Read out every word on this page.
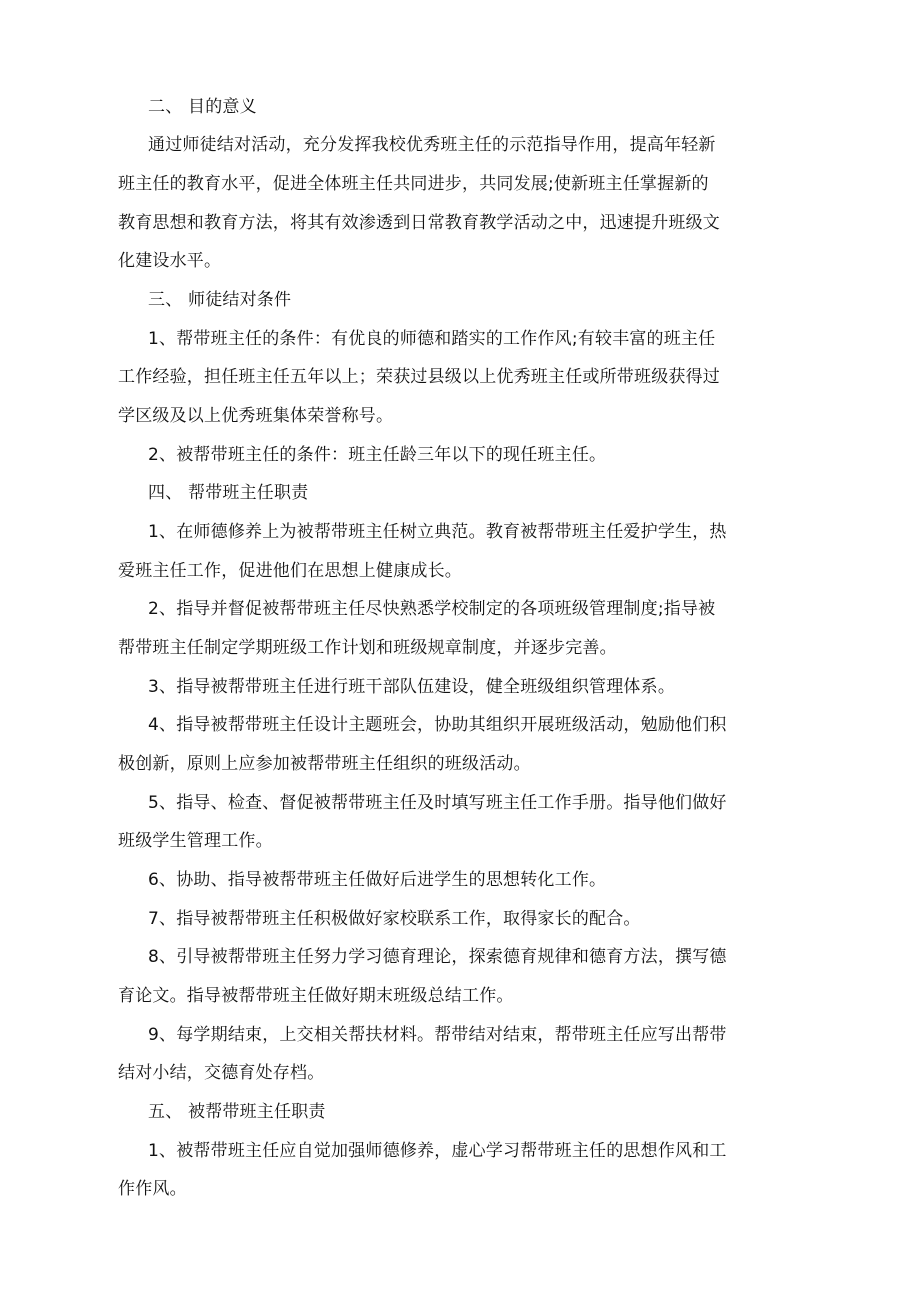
二、 目的意义
通过师徒结对活动，充分发挥我校优秀班主任的示范指导作用，提高年轻新
班主任的教育水平，促进全体班主任共同进步，共同发展;使新班主任掌握新的
教育思想和教育方法，将其有效渗透到日常教育教学活动之中，迅速提升班级文
化建设水平。
三、 师徒结对条件
1、帮带班主任的条件：有优良的师德和踏实的工作作风;有较丰富的班主任
工作经验，担任班主任五年以上；荣获过县级以上优秀班主任或所带班级获得过
学区级及以上优秀班集体荣誉称号。
2、被帮带班主任的条件：班主任龄三年以下的现任班主任。
四、 帮带班主任职责
1、在师德修养上为被帮带班主任树立典范。教育被帮带班主任爱护学生，热
爱班主任工作，促进他们在思想上健康成长。
2、指导并督促被帮带班主任尽快熟悉学校制定的各项班级管理制度;指导被
帮带班主任制定学期班级工作计划和班级规章制度，并逐步完善。
3、指导被帮带班主任进行班干部队伍建设，健全班级组织管理体系。
4、指导被帮带班主任设计主题班会，协助其组织开展班级活动，勉励他们积
极创新，原则上应参加被帮带班主任组织的班级活动。
5、指导、检查、督促被帮带班主任及时填写班主任工作手册。指导他们做好
班级学生管理工作。
6、协助、指导被帮带班主任做好后进学生的思想转化工作。
7、指导被帮带班主任积极做好家校联系工作，取得家长的配合。
8、引导被帮带班主任努力学习德育理论，探索德育规律和德育方法，撰写德
育论文。指导被帮带班主任做好期末班级总结工作。
9、每学期结束，上交相关帮扶材料。帮带结对结束，帮带班主任应写出帮带
结对小结，交德育处存档。
五、 被帮带班主任职责
1、被帮带班主任应自觉加强师德修养，虚心学习帮带班主任的思想作风和工
作作风。
